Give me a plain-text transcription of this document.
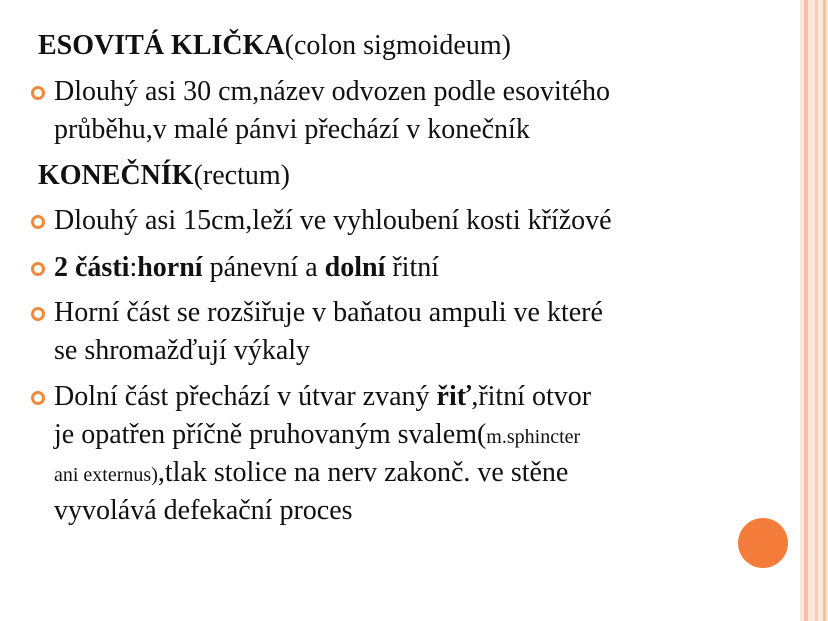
ESOVITÁ KLIČKA(colon sigmoideum)
Dlouhý asi 30 cm,název odvozen podle esovitého
průběhu,v malé pánvi přechází v konečník
KONEČNÍK(rectum)
Dlouhý asi 15cm,leží ve vyhloubení kosti křížové
2 části:horní pánevní a dolní řitní
Horní část se rozšiřuje v baňatou ampuli ve které
se shromažďují výkaly
Dolní část přechází v útvar zvaný řiť,řitní otvor
je opatřen příčně pruhovaným svalem(m.sphincter
ani externus),tlak stolice na nerv zakonč. ve stěne
vyvolává defekační proces
